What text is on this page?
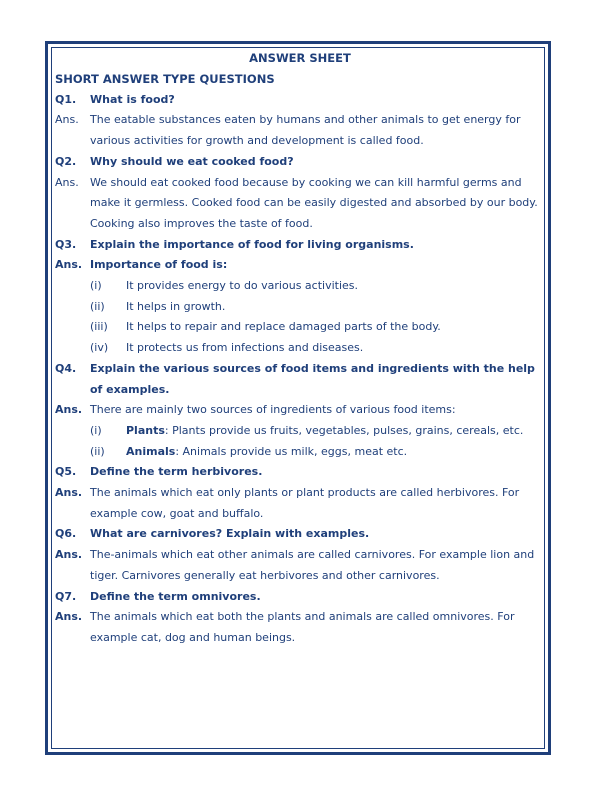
ANSWER SHEET
SHORT ANSWER TYPE QUESTIONS
Q1.	What is food?
Ans.	The eatable substances eaten by humans and other animals to get energy for various activities for growth and development is called food.
Q2.	Why should we eat cooked food?
Ans.	We should eat cooked food because by cooking we can kill harmful germs and make it germless. Cooked food can be easily digested and absorbed by our body. Cooking also improves the taste of food.
Q3.	Explain the importance of food for living organisms.
Ans. Importance of food is:
(i)	It provides energy to do various activities.
(ii)	It helps in growth.
(iii)	It helps to repair and replace damaged parts of the body.
(iv)	It protects us from infections and diseases.
Q4.	Explain the various sources of food items and ingredients with the help of examples.
Ans. There are mainly two sources of ingredients of various food items:
(i)	Plants: Plants provide us fruits, vegetables, pulses, grains, cereals, etc.
(ii)	Animals: Animals provide us milk, eggs, meat etc.
Q5.	Define the term herbivores.
Ans. The animals which eat only plants or plant products are called herbivores. For example cow, goat and buffalo.
Q6.	What are carnivores? Explain with examples.
Ans. The-animals which eat other animals are called carnivores. For example lion and tiger. Carnivores generally eat herbivores and other carnivores.
Q7.	Define the term omnivores.
Ans. The animals which eat both the plants and animals are called omnivores. For example cat, dog and human beings.
